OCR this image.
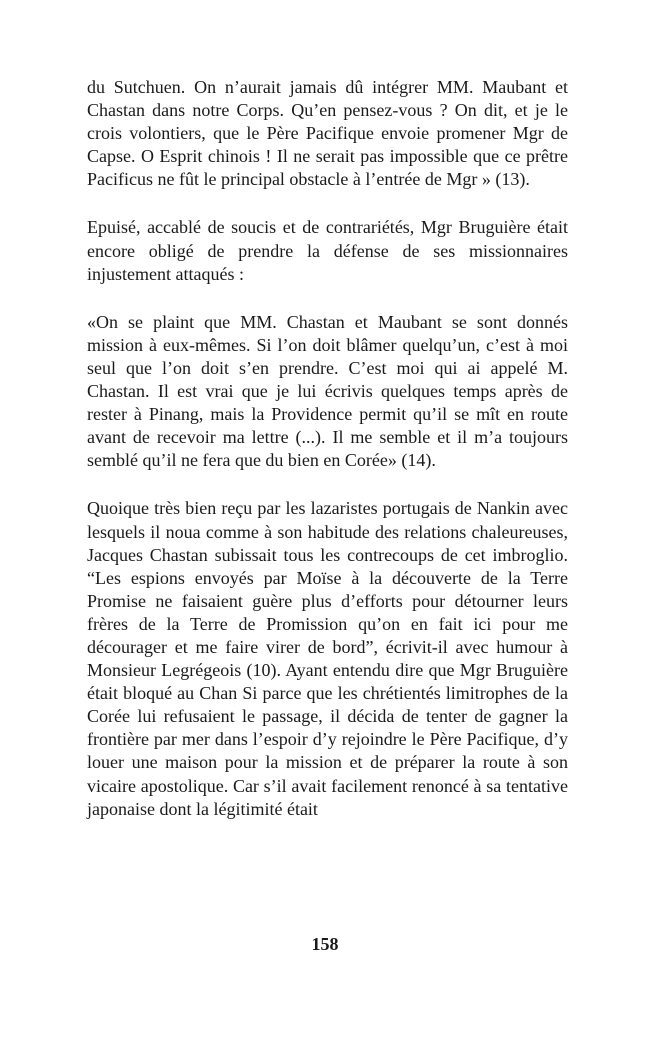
du Sutchuen. On n’aurait jamais dû intégrer MM. Maubant et Chastan dans notre Corps. Qu’en pensez-vous ? On dit, et je le crois volontiers, que le Père Pacifique envoie promener Mgr de Capse. O Esprit chinois ! Il ne serait pas impossible que ce prêtre Pacificus ne fût le principal obstacle à l’entrée de Mgr » (13).

Epuisé, accablé de soucis et de contrariétés, Mgr Bruguière était encore obligé de prendre la défense de ses missionnaires injustement attaqués :

«On se plaint que MM. Chastan et Maubant se sont donnés mission à eux-mêmes. Si l’on doit blâmer quelqu’un, c’est à moi seul que l’on doit s’en prendre. C’est moi qui ai appelé M. Chastan. Il est vrai que je lui écrivis quelques temps après de rester à Pinang, mais la Providence permit qu’il se mît en route avant de recevoir ma lettre (...). Il me semble et il m’a toujours semblé qu’il ne fera que du bien en Corée» (14).

Quoique très bien reçu par les lazaristes portugais de Nankin avec lesquels il noua comme à son habitude des relations chaleureuses, Jacques Chastan subissait tous les contrecoups de cet imbroglio. “Les espions envoyés par Moïse à la découverte de la Terre Promise ne faisaient guère plus d’efforts pour détourner leurs frères de la Terre de Promission qu’on en fait ici pour me décourager et me faire virer de bord”, écrivit-il avec humour à Monsieur Legrégeois (10). Ayant entendu dire que Mgr Bruguière était bloqué au Chan Si parce que les chrétientés limitrophes de la Corée lui refusaient le passage, il décida de tenter de gagner la frontière par mer dans l’espoir d’y rejoindre le Père Pacifique, d’y louer une maison pour la mission et de préparer la route à son vicaire apostolique. Car s’il avait facilement renoncé à sa tentative japonaise dont la légitimité était

158
